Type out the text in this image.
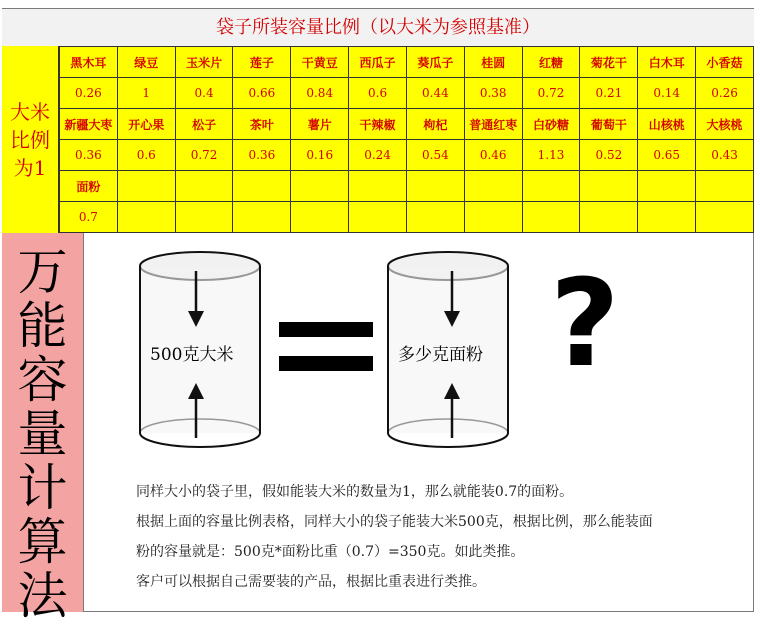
袋子所装容量比例（以大米为参照基准）
大米比例为1
黑木耳	绿豆	玉米片	莲子	干黄豆	西瓜子	葵瓜子	桂圆	红糖	菊花干	白木耳	小香菇
0.26	1	0.4	0.66	0.84	0.6	0.44	0.38	0.72	0.21	0.14	0.26
新疆大枣	开心果	松子	茶叶	薯片	干辣椒	枸杞	普通红枣	白砂糖	葡萄干	山核桃	大核桃
0.36	0.6	0.72	0.36	0.16	0.24	0.54	0.46	1.13	0.52	0.65	0.43
面粉											
0.7											
万能容量计算法
500克大米	多少克面粉 ?
同样大小的袋子里，假如能装大米的数量为1，那么就能装0.7的面粉。
根据上面的容量比例表格，同样大小的袋子能装大米500克，根据比例，那么能装面
粉的容量就是：500克*面粉比重（0.7）=350克。如此类推。
客户可以根据自己需要装的产品，根据比重表进行类推。
